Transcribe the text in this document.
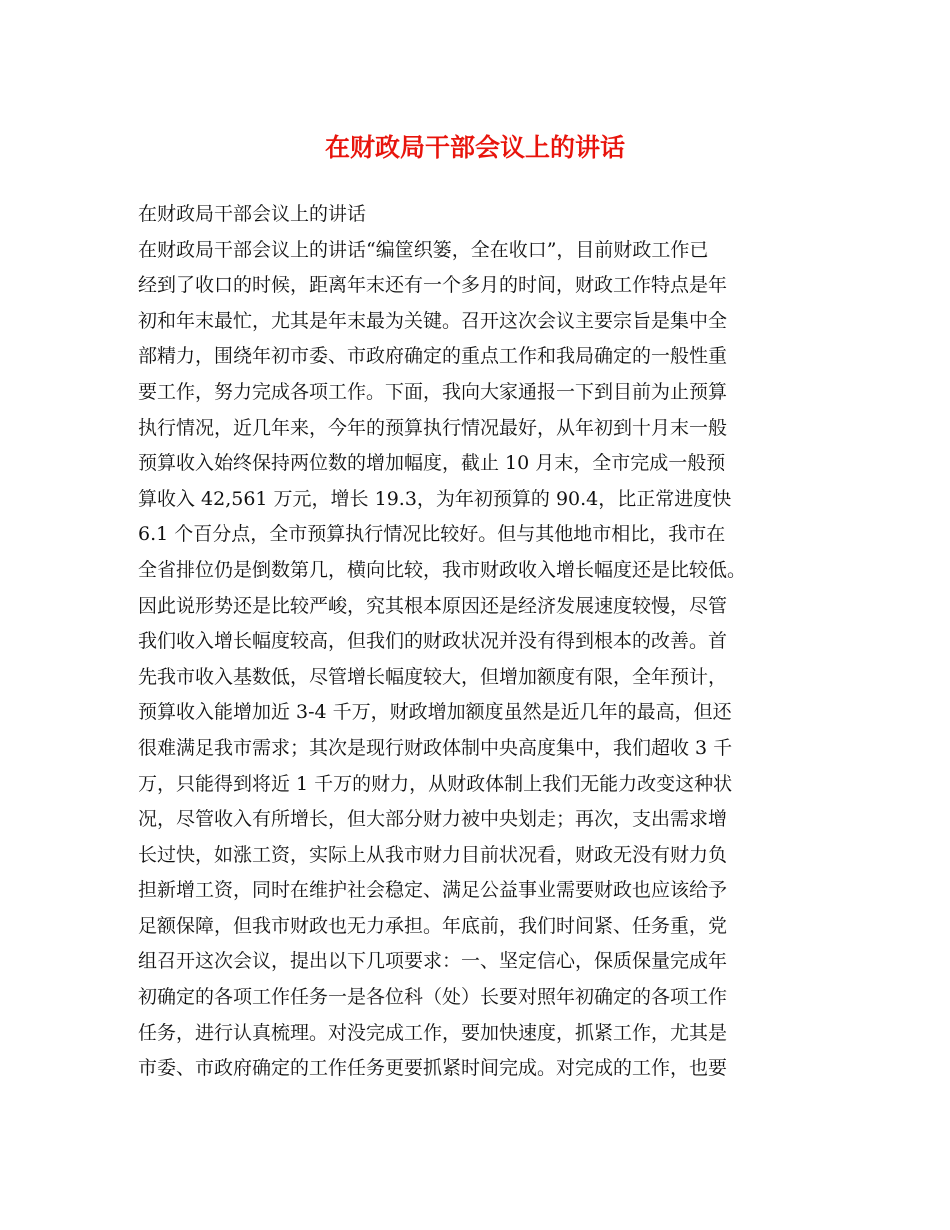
在财政局干部会议上的讲话
在财政局干部会议上的讲话
在财政局干部会议上的讲话“编筐织篓，全在收口”，目前财政工作已
经到了收口的时候，距离年末还有一个多月的时间，财政工作特点是年
初和年末最忙，尤其是年末最为关键。召开这次会议主要宗旨是集中全
部精力，围绕年初市委、市政府确定的重点工作和我局确定的一般性重
要工作，努力完成各项工作。下面，我向大家通报一下到目前为止预算
执行情况，近几年来，今年的预算执行情况最好，从年初到十月末一般
预算收入始终保持两位数的增加幅度，截止 10 月末，全市完成一般预
算收入 42,561 万元，增长 19.3，为年初预算的 90.4，比正常进度快
6.1 个百分点，全市预算执行情况比较好。但与其他地市相比，我市在
全省排位仍是倒数第几，横向比较，我市财政收入增长幅度还是比较低。
因此说形势还是比较严峻，究其根本原因还是经济发展速度较慢，尽管
我们收入增长幅度较高，但我们的财政状况并没有得到根本的改善。首
先我市收入基数低，尽管增长幅度较大，但增加额度有限，全年预计，
预算收入能增加近 3-4 千万，财政增加额度虽然是近几年的最高，但还
很难满足我市需求；其次是现行财政体制中央高度集中，我们超收 3 千
万，只能得到将近 1 千万的财力，从财政体制上我们无能力改变这种状
况，尽管收入有所增长，但大部分财力被中央划走；再次，支出需求增
长过快，如涨工资，实际上从我市财力目前状况看，财政无没有财力负
担新增工资，同时在维护社会稳定、满足公益事业需要财政也应该给予
足额保障，但我市财政也无力承担。年底前，我们时间紧、任务重，党
组召开这次会议，提出以下几项要求：一、坚定信心，保质保量完成年
初确定的各项工作任务一是各位科（处）长要对照年初确定的各项工作
任务，进行认真梳理。对没完成工作，要加快速度，抓紧工作，尤其是
市委、市政府确定的工作任务更要抓紧时间完成。对完成的工作，也要
